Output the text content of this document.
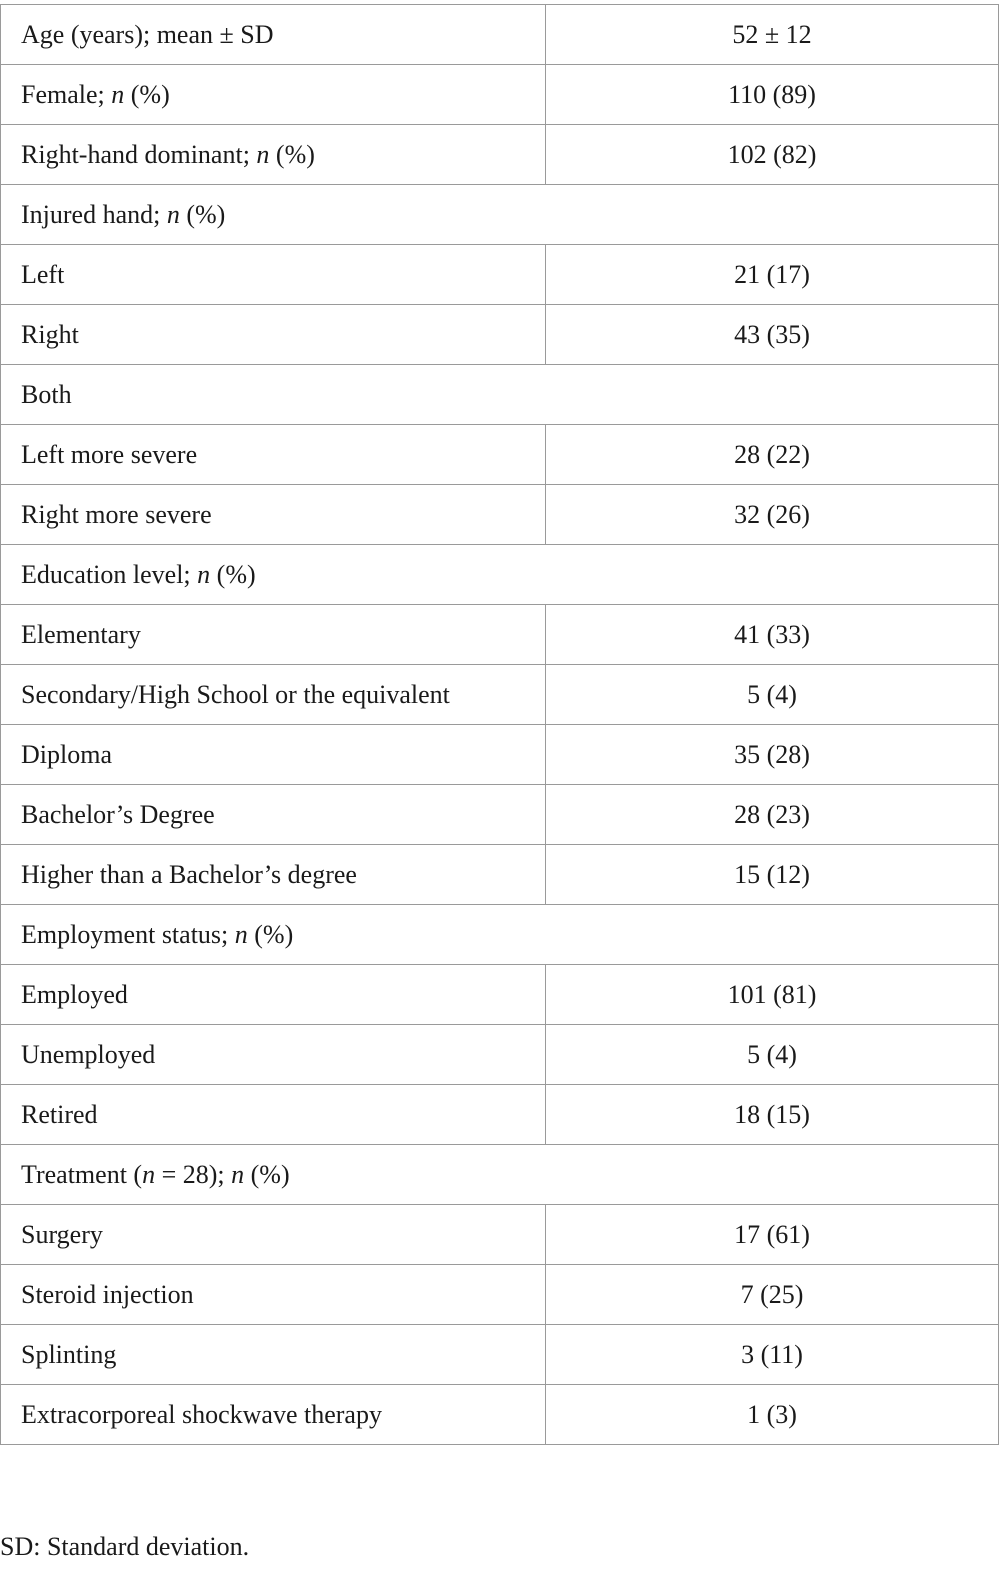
Age (years); mean ± SD	52 ± 12
Female; n (%)	110 (89)
Right-hand dominant; n (%)	102 (82)
Injured hand; n (%)	
Left	21 (17)
Right	43 (35)
Both	
Left more severe	28 (22)
Right more severe	32 (26)
Education level; n (%)	
Elementary	41 (33)
Secondary/High School or the equivalent	5 (4)
Diploma	35 (28)
Bachelor’s Degree	28 (23)
Higher than a Bachelor’s degree	15 (12)
Employment status; n (%)	
Employed	101 (81)
Unemployed	5 (4)
Retired	18 (15)
Treatment (n = 28); n (%)	
Surgery	17 (61)
Steroid injection	7 (25)
Splinting	3 (11)
Extracorporeal shockwave therapy	1 (3)

SD: Standard deviation.
